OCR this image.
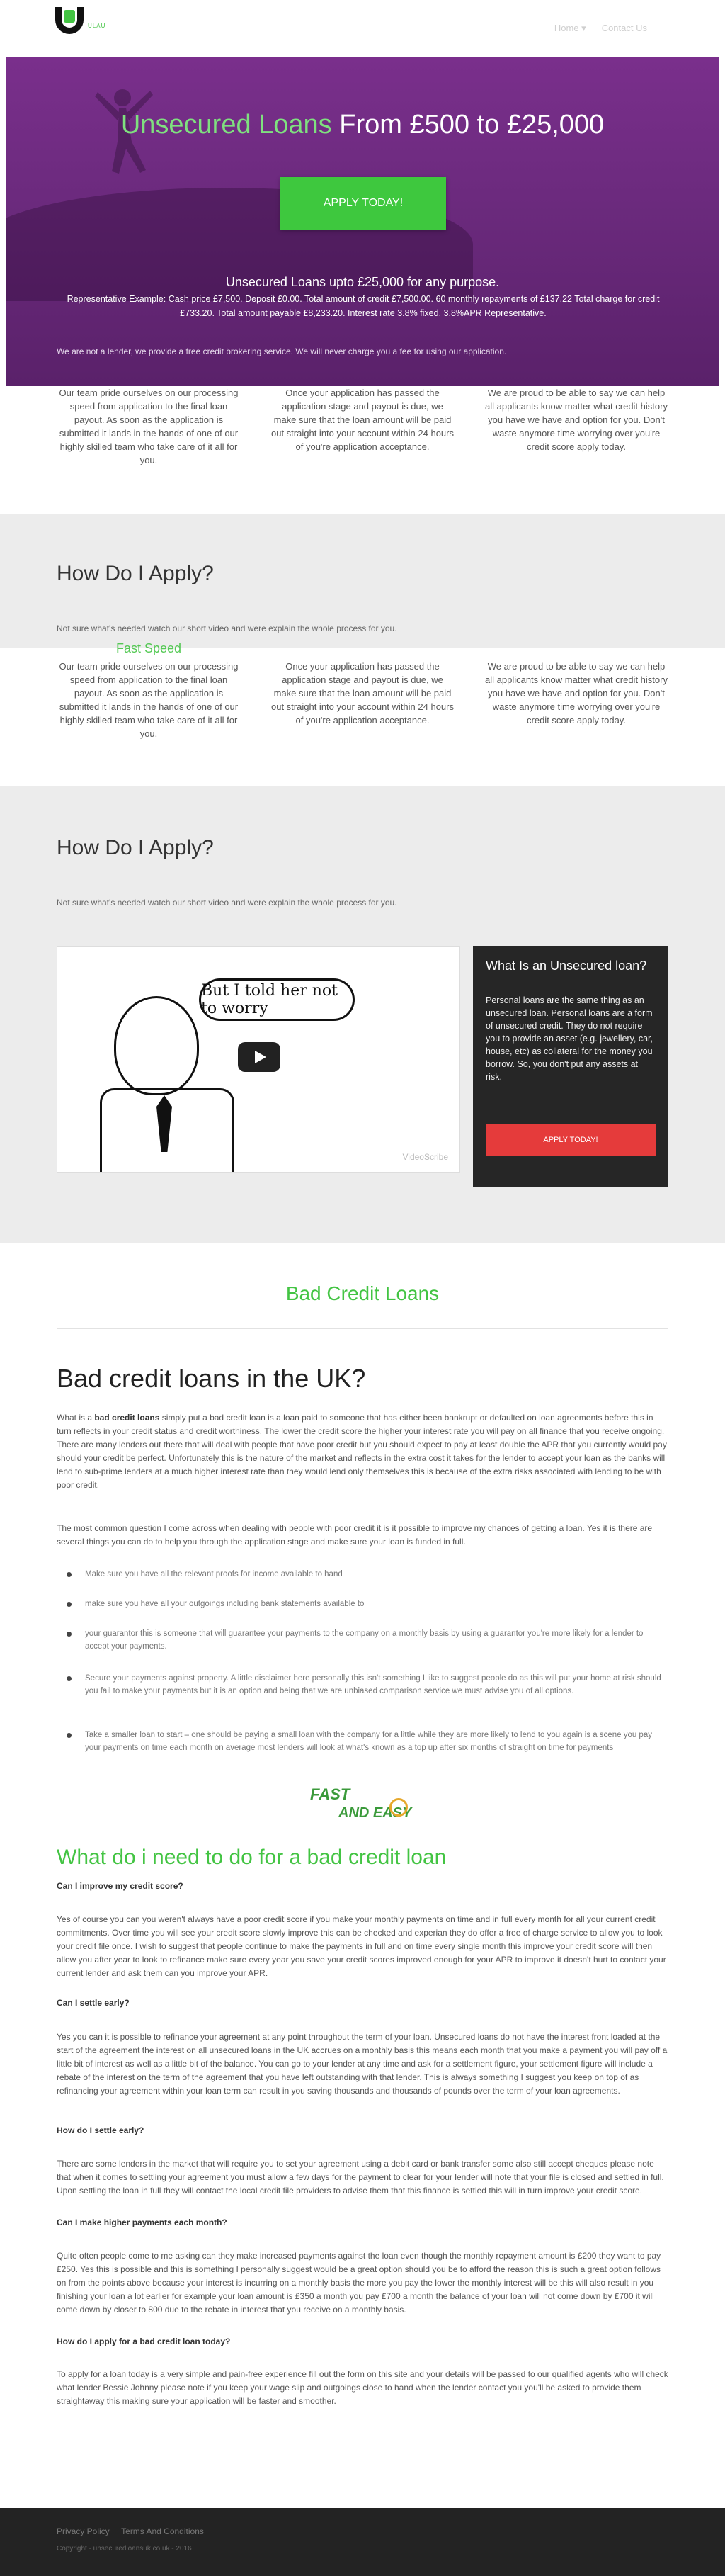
ULAU	Home ▾ Contact Us
Unsecured Loans From £500 to £25,000
APPLY TODAY!
Unsecured Loans upto £25,000 for any purpose.
Representative Example: Cash price £7,500. Deposit £0.00. Total amount of credit £7,500.00. 60 monthly repayments of £137.22 Total charge for credit £733.20. Total amount payable £8,233.20. Interest rate 3.8% fixed. 3.8%APR Representative.
We are not a lender, we provide a free credit brokering service. We will never charge you a fee for using our application.
Our team pride ourselves on our processing speed from application to the final loan payout. As soon as the application is submitted it lands in the hands of one of our highly skilled team who take care of it all for you.
Once your application has passed the application stage and payout is due, we make sure that the loan amount will be paid out straight into your account within 24 hours of you're application acceptance.
We are proud to be able to say we can help all applicants know matter what credit history you have we have and option for you. Don't waste anymore time worrying over you're credit score apply today.
How Do I Apply?

Not sure what's needed watch our short video and were explain the whole process for you.

Fast Speed
Our team pride ourselves on our processing speed from application to the final loan payout. As soon as the application is submitted it lands in the hands of one of our highly skilled team who take care of it all for you.
Once your application has passed the application stage and payout is due, we make sure that the loan amount will be paid out straight into your account within 24 hours of you're application acceptance.
We are proud to be able to say we can help all applicants know matter what credit history you have we have and option for you. Don't waste anymore time worrying over you're credit score apply today.
How Do I Apply?

Not sure what's needed watch our short video and were explain the whole process for you.

But I told her not to worry
VideoScribe
What Is an Unsecured loan?
Personal loans are the same thing as an unsecured loan. Personal loans are a form of unsecured credit. They do not require you to provide an asset (e.g. jewellery, car, house, etc) as collateral for the money you borrow. So, you don't put any assets at risk.
APPLY TODAY!
Bad Credit Loans
Bad credit loans in the UK?
What is a bad credit loans simply put a bad credit loan is a loan paid to someone that has either been bankrupt or defaulted on loan agreements before this in turn reflects in your credit status and credit worthiness. The lower the credit score the higher your interest rate you will pay on all finance that you receive ongoing. There are many lenders out there that will deal with people that have poor credit but you should expect to pay at least double the APR that you currently would pay should your credit be perfect. Unfortunately this is the nature of the market and reflects in the extra cost it takes for the lender to accept your loan as the banks will lend to sub-prime lenders at a much higher interest rate than they would lend only themselves this is because of the extra risks associated with lending to be with poor credit.
The most common question I come across when dealing with people with poor credit it is it possible to improve my chances of getting a loan. Yes it is there are several things you can do to help you through the application stage and make sure your loan is funded in full.
Make sure you have all the relevant proofs for income available to hand
make sure you have all your outgoings including bank statements available to
your guarantor this is someone that will guarantee your payments to the company on a monthly basis by using a guarantor you're more likely for a lender to accept your payments.
Secure your payments against property. A little disclaimer here personally this isn't something I like to suggest people do as this will put your home at risk should you fail to make your payments but it is an option and being that we are unbiased comparison service we must advise you of all options.
Take a smaller loan to start – one should be paying a small loan with the company for a little while they are more likely to lend to you again is a scene you pay your payments on time each month on average most lenders will look at what's known as a top up after six months of straight on time for payments
FAST
AND EASY
What do i need to do for a bad credit loan
Can I improve my credit score?
Yes of course you can you weren't always have a poor credit score if you make your monthly payments on time and in full every month for all your current credit commitments. Over time you will see your credit score slowly improve this can be checked and experian they do offer a free of charge service to allow you to look your credit file once. I wish to suggest that people continue to make the payments in full and on time every single month this improve your credit score will then allow you after year to look to refinance make sure every year you save your credit scores improved enough for your APR to improve it doesn't hurt to contact your current lender and ask them can you improve your APR.
Can I settle early?
Yes you can it is possible to refinance your agreement at any point throughout the term of your loan. Unsecured loans do not have the interest front loaded at the start of the agreement the interest on all unsecured loans in the UK accrues on a monthly basis this means each month that you make a payment you will pay off a little bit of interest as well as a little bit of the balance. You can go to your lender at any time and ask for a settlement figure, your settlement figure will include a rebate of the interest on the term of the agreement that you have left outstanding with that lender. This is always something I suggest you keep on top of as refinancing your agreement within your loan term can result in you saving thousands and thousands of pounds over the term of your loan agreements.
How do I settle early?
There are some lenders in the market that will require you to set your agreement using a debit card or bank transfer some also still accept cheques please note that when it comes to settling your agreement you must allow a few days for the payment to clear for your lender will note that your file is closed and settled in full. Upon settling the loan in full they will contact the local credit file providers to advise them that this finance is settled this will in turn improve your credit score.
Can I make higher payments each month?
Quite often people come to me asking can they make increased payments against the loan even though the monthly repayment amount is £200 they want to pay £250. Yes this is possible and this is something I personally suggest would be a great option should you be to afford the reason this is such a great option follows on from the points above because your interest is incurring on a monthly basis the more you pay the lower the monthly interest will be this will also result in you finishing your loan a lot earlier for example your loan amount is £350 a month you pay £700 a month the balance of your loan will not come down by £700 it will come down by closer to 800 due to the rebate in interest that you receive on a monthly basis.
How do I apply for a bad credit loan today?
To apply for a loan today is a very simple and pain-free experience fill out the form on this site and your details will be passed to our qualified agents who will check what lender Bessie Johnny please note if you keep your wage slip and outgoings close to hand when the lender contact you you'll be asked to provide them straightaway this making sure your application will be faster and smoother.
Privacy Policy Terms And Conditions
Copyright - unsecuredloansuk.co.uk - 2016
